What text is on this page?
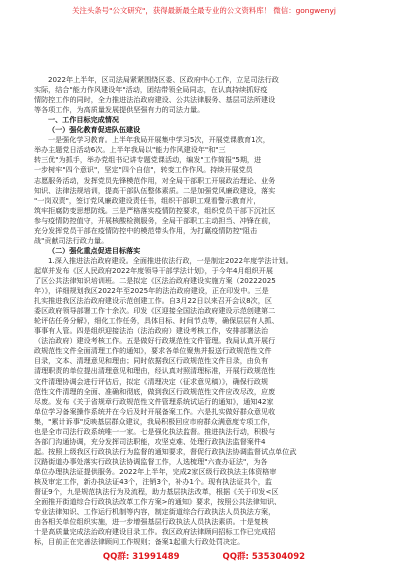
关注头条号"公文研究"，获得最新最全最专业的公文资料库！ 微信：gongwenyj
2022年上半年，区司法局紧紧围绕区委、区政府中心工作，立足司法行政
实际，结合"能力作风建设年"活动，团结带领全局同志，在认真持续抓好疫
情防控工作的同时，全力推进法治政府建设、公共法律服务、基层司法所建设
等各项工作，为高质量发展提供坚强有力的司法力量。
一、工作目标完成情况
（一）强化教育促进队伍建设
一是强化学习教育。上半年我局开展集中学习5次，开展党课教育1次，
举办主题党日活动6次。上半年我局以"能力作风建设年"和"三
转三优"为抓手，举办党组书记讲专题党课活动，编发"工作简报"5期，进
一步树牢"四个意识"，坚定"四个自信"，转变工作作风。持续开展党员
志愿服务活动，发挥党员先锋模范作用，对全局干部职工开展政治理论、业务
知识、法律法规培训，提高干部队伍整体素质。二是加强党风廉政建设，落实
"一岗双责"，签订党风廉政建设责任书，组织干部职工观看警示教育片，
筑牢拒腐防变思想防线。三是严格落实疫情防控要求，组织党员干部下沉社区
参与疫情防控值守，开展核酸检测服务，全局干部职工主动担当、冲锋在前，
充分发挥党员干部在疫情防控中的模范带头作用，为打赢疫情防控"阻击
战"贡献司法行政力量。
（二）强化重点促进目标落实
1.深入推进法治政府建设。全面推进依法行政，一是制定2022年度学法计划。
起草并发布《区人民政府2022年度领导干部学法计划》，于今年4月组织开展
了区公共法律知识培训班。二是拟定《区法治政府建设实施方案（20222025
年）》，详细规划我区2022年至2025年的法治政府建设，正在印发中。三是
扎实推进我区法治政府建设示范创建工作。自3月22日以来召开会议8次，区
委区政府领导部署工作十余次。印发《区迎接全国法治政府建设示范创建第二
轮评估任务分解》，细化工作任务，具体目标、时间节点等，确保层层有人抓、
事事有人管。四是组织迎接法治（法治政府）建设考核工作，安排部署法治
（法治政府）建设考核工作。五是做好行政规范性文件管理。我局认真开展行
政规范性文件全面清理工作的通知》，要求各单位聚焦并报送行政规范性文件
目录，文本、清理意见和理由；同时依据我区行政规范性文件目录，由负有
清理职责的单位提出清理意见和理由，经认真对照清理标准，开展行政规范性
文件清理协调会进行评估后，拟定《清理决定（征求意见稿）》，确保行政规
范性文件清理的全面、准确和彻底，做到我区行政规范性文件应改尽改，应废
尽废。发布《关于省规章行政规范性文件管理系统试运行的通知》，通知42家
单位学习备案操作系统并在今后及时开展备案工作。六是扎实做好群众意见收
集，"累计诉事"反映基层群众建议，我局积极回应市府群众满意度专项工作，
也是全市司法行政系统唯一一家。七是强化执法监督。推进执法行动，积极与
各部门沟通协调，充分发挥司法职能，攻坚克难、处理行政执法监督案件4
起。按照上级我区行政执法行为监督的通知要求，督促行政执法协调监督试点单位武
汉路街道办事处落实行政执法协调监督工作，人选梳理"六查办证法"，为各
单位办理执法证提供服务。2022年上半年，完成2家区级行政执法主体资格审
核及审定工作，新办执法证43个，注销3个，补办1个。现有执法证共个，监
督证9个，九是规范执法行为及流程，助力基层执法改革，根据《关于印发<区
全面推开街道综合行政执法改革工作方案>的通知》要求，按照公共法律知识、
专业法律知识、工作运行机制等内容，制定街道综合行政执法人员执法方案，
由各相关单位组织实施，进一步增强基层行政执法人员执法素质。十是复核
十是高质量完成法治政府建设目录工作。我区政府法律顾问招标工作已完成招
标，目前正在完善法律顾问工作规则；备案1起重大行政处罚决定。
QQ群: 31991489	QQ群: 535304092
